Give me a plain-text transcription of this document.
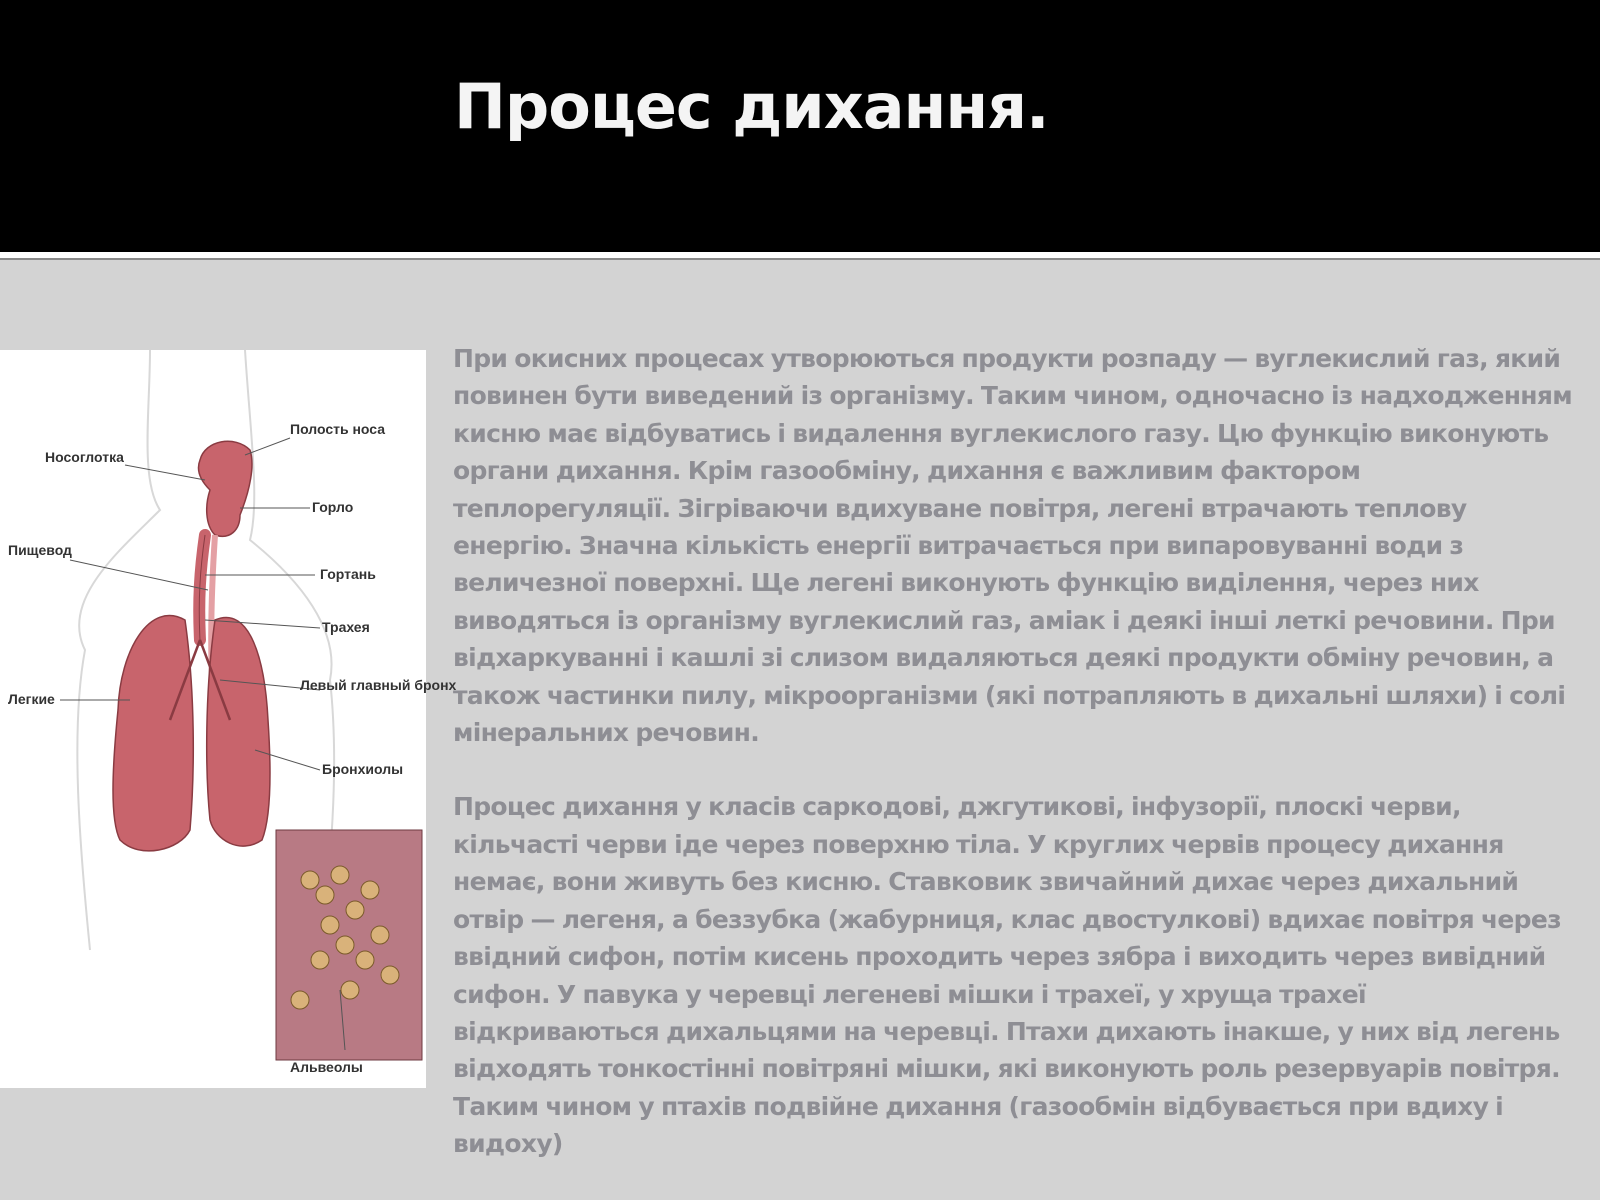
Процес дихання.
Полость носа
Носоглотка
Горло
Пищевод
Гортань
Трахея
Левый главный бронх
Легкие
Бронхиолы
Альвеолы

При окисних процесах утворюються продукти розпаду — вуглекислий газ, який повинен бути виведений із організму. Таким чином, одночасно із надходженням кисню має відбуватись і видалення вуглекислого газу. Цю функцію виконують органи дихання. Крім газообміну, дихання є важливим фактором теплорегуляції. Зігріваючи вдихуване повітря, легені втрачають теплову енергію. Значна кількість енергії витрачається при випаровуванні води з величезної поверхні. Ще легені виконують функцію виділення, через них виводяться із організму вуглекислий газ, аміак і деякі інші леткі речовини. При відхаркуванні і кашлі зі слизом видаляються деякі продукти обміну речовин, а також частинки пилу, мікроорганізми (які потрапляють в дихальні шляхи) і солі мінеральних речовин.

Процес дихання у класів саркодові, джгутикові, інфузорії, плоскі черви, кільчасті черви іде через поверхню тіла. У круглих червів процесу дихання немає, вони живуть без кисню. Ставковик звичайний дихає через дихальний отвір — легеня, а беззубка (жабурниця, клас двостулкові) вдихає повітря через ввідний сифон, потім кисень проходить через зябра і виходить через вивідний сифон. У павука у черевці легеневі мішки і трахеї, у хруща трахеї відкриваються дихальцями на черевці. Птахи дихають інакше, у них від легень відходять тонкостінні повітряні мішки, які виконують роль резервуарів повітря. Таким чином у птахів подвійне дихання (газообмін відбувається при вдиху і видоху)
